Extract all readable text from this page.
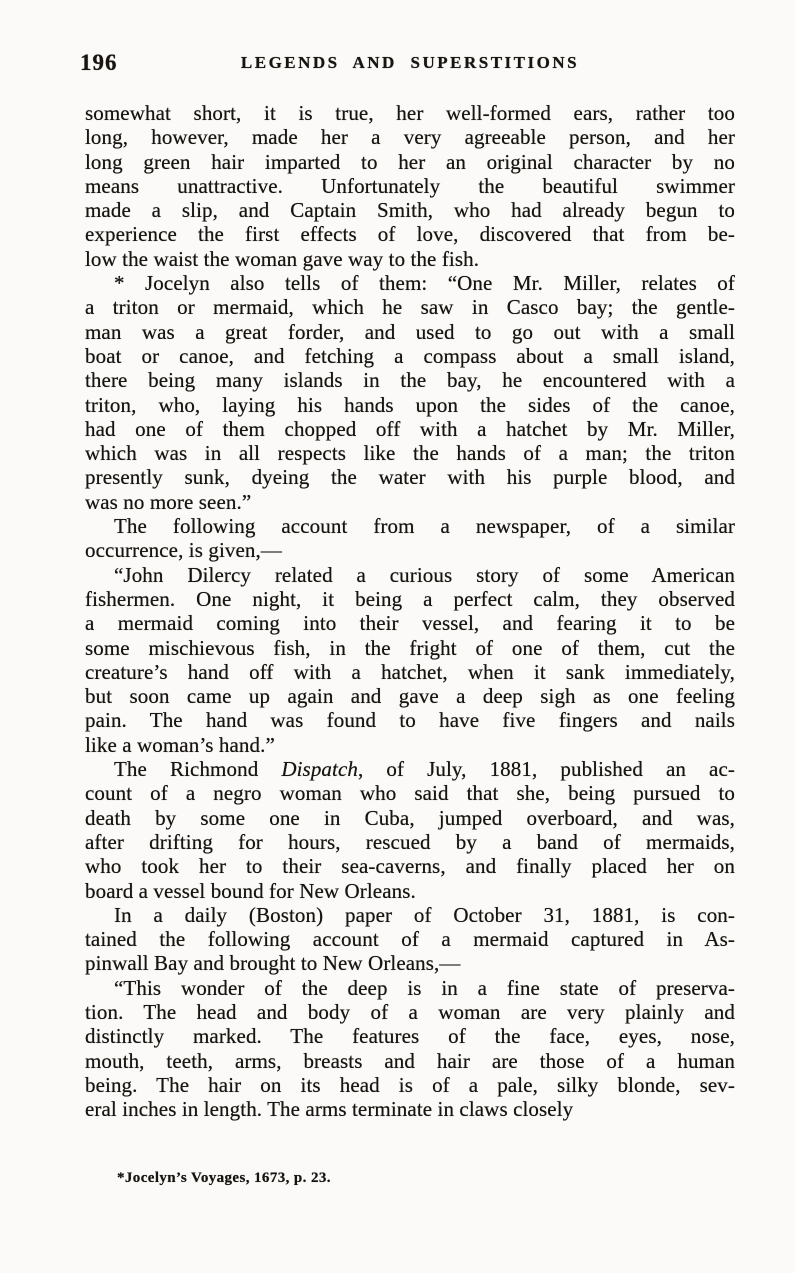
196	LEGENDS AND SUPERSTITIONS
somewhat short, it is true, her well-formed ears, rather too
long, however, made her a very agreeable person, and her
long green hair imparted to her an original character by no
means unattractive. Unfortunately the beautiful swimmer
made a slip, and Captain Smith, who had already begun to
experience the first effects of love, discovered that from be-
low the waist the woman gave way to the fish.
* Jocelyn also tells of them: “One Mr. Miller, relates of
a triton or mermaid, which he saw in Casco bay; the gentle-
man was a great forder, and used to go out with a small
boat or canoe, and fetching a compass about a small island,
there being many islands in the bay, he encountered with a
triton, who, laying his hands upon the sides of the canoe,
had one of them chopped off with a hatchet by Mr. Miller,
which was in all respects like the hands of a man; the triton
presently sunk, dyeing the water with his purple blood, and
was no more seen.”
The following account from a newspaper, of a similar
occurrence, is given,—
“John Dilercy related a curious story of some American
fishermen. One night, it being a perfect calm, they observed
a mermaid coming into their vessel, and fearing it to be
some mischievous fish, in the fright of one of them, cut the
creature’s hand off with a hatchet, when it sank immediately,
but soon came up again and gave a deep sigh as one feeling
pain. The hand was found to have five fingers and nails
like a woman’s hand.”
The Richmond Dispatch, of July, 1881, published an ac-
count of a negro woman who said that she, being pursued to
death by some one in Cuba, jumped overboard, and was,
after drifting for hours, rescued by a band of mermaids,
who took her to their sea-caverns, and finally placed her on
board a vessel bound for New Orleans.
In a daily (Boston) paper of October 31, 1881, is con-
tained the following account of a mermaid captured in As-
pinwall Bay and brought to New Orleans,—
“This wonder of the deep is in a fine state of preserva-
tion. The head and body of a woman are very plainly and
distinctly marked. The features of the face, eyes, nose,
mouth, teeth, arms, breasts and hair are those of a human
being. The hair on its head is of a pale, silky blonde, sev-
eral inches in length. The arms terminate in claws closely
*Jocelyn’s Voyages, 1673, p. 23.
